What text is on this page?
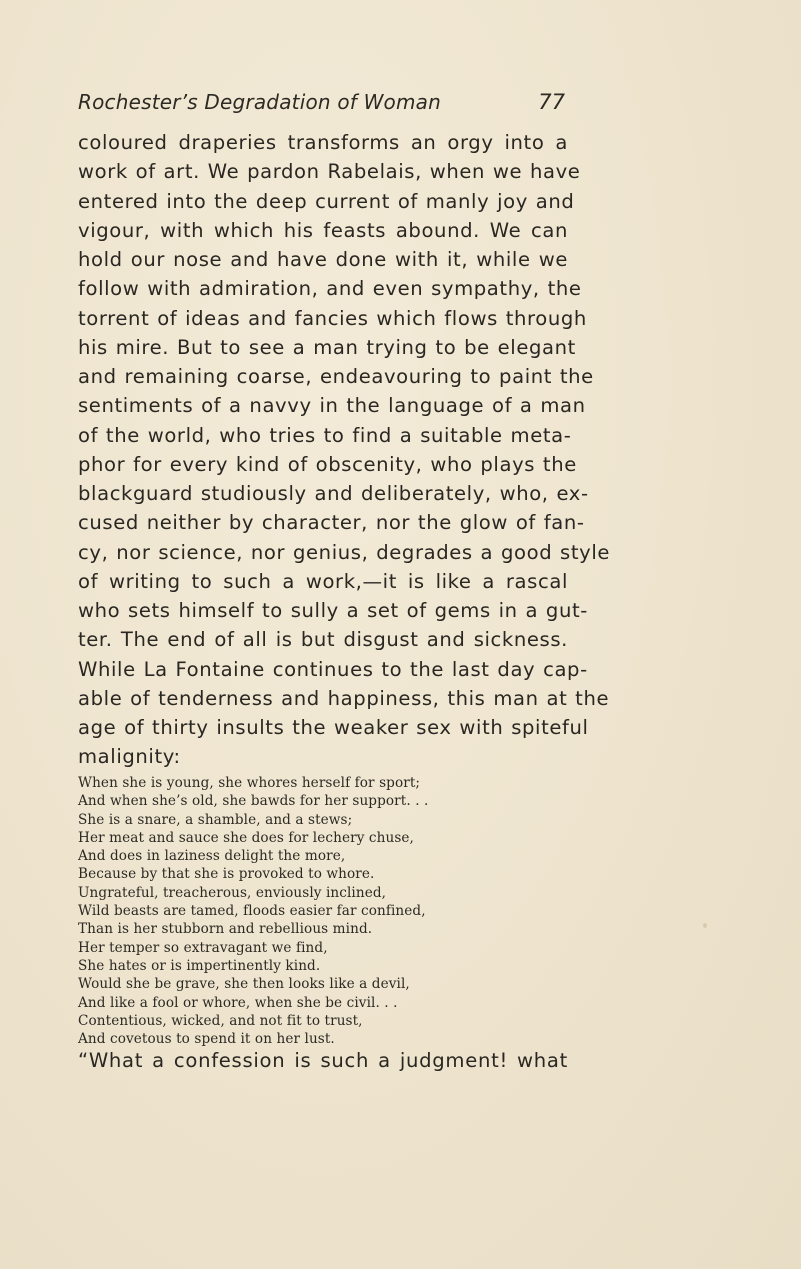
Rochester’s Degradation of Woman	77
coloured draperies transforms an orgy into a
work of art. We pardon Rabelais, when we have
entered into the deep current of manly joy and
vigour, with which his feasts abound. We can
hold our nose and have done with it, while we
follow with admiration, and even sympathy, the
torrent of ideas and fancies which flows through
his mire. But to see a man trying to be elegant
and remaining coarse, endeavouring to paint the
sentiments of a navvy in the language of a man
of the world, who tries to find a suitable meta-
phor for every kind of obscenity, who plays the
blackguard studiously and deliberately, who, ex-
cused neither by character, nor the glow of fan-
cy, nor science, nor genius, degrades a good style
of writing to such a work,—it is like a rascal
who sets himself to sully a set of gems in a gut-
ter. The end of all is but disgust and sickness.
While La Fontaine continues to the last day cap-
able of tenderness and happiness, this man at the
age of thirty insults the weaker sex with spiteful
malignity:
When she is young, she whores herself for sport;
And when she’s old, she bawds for her support. . .
She is a snare, a shamble, and a stews;
Her meat and sauce she does for lechery chuse,
And does in laziness delight the more,
Because by that she is provoked to whore.
Ungrateful, treacherous, enviously inclined,
Wild beasts are tamed, floods easier far confined,
Than is her stubborn and rebellious mind.
Her temper so extravagant we find,
She hates or is impertinently kind.
Would she be grave, she then looks like a devil,
And like a fool or whore, when she be civil. . .
Contentious, wicked, and not fit to trust,
And covetous to spend it on her lust.
“What a confession is such a judgment! what
